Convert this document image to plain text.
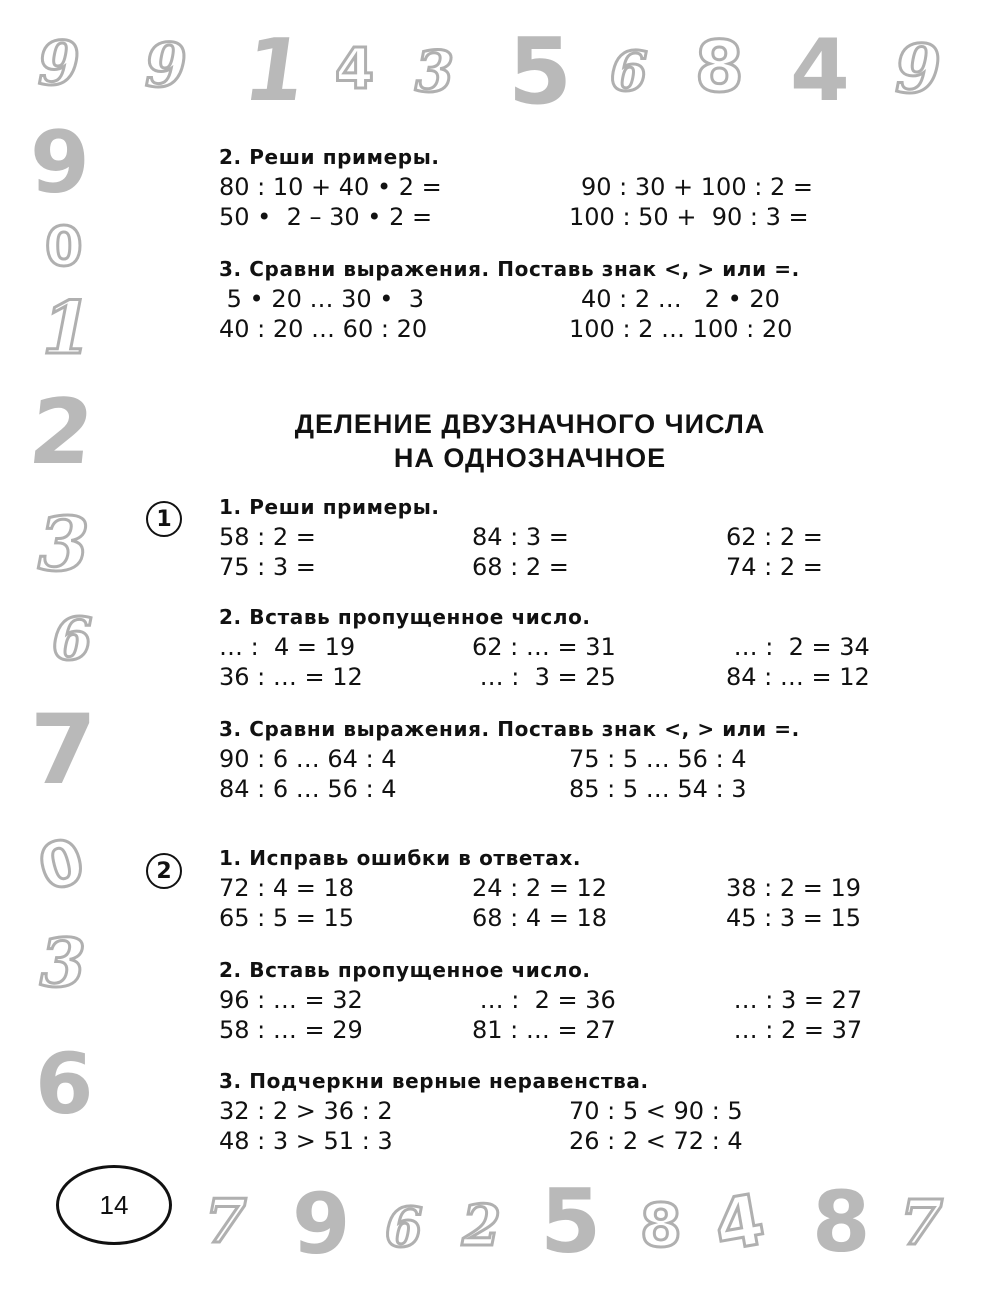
9 9 1 4 3 5 6 8 4 9
9
0
1
2
3
6
7
0
3
6
7 9 6 2 5 8 4 8 7
14
2. Реши примеры.

80 : 10 + 40 • 2 =

	90 : 30 + 100 : 2 =

50 •  2 – 30 • 2 =

	100 : 50 +  90 : 3 =

3. Сравни выражения. Поставь знак <, > или =.

5 • 20 … 30 •  3

	40 : 2 …   2 • 20

40 : 20 … 60 : 20

	100 : 2 … 100 : 20

ДЕЛЕНИЕ ДВУЗНАЧНОГО ЧИСЛА
НА ОДНОЗНАЧНОЕ
1	1. Реши примеры.

58 : 2 =

	84 : 3 =

	62 : 2 =

75 : 3 =

	68 : 2 =

	74 : 2 =

2. Вставь пропущенное число.

… :  4 = 19

	62 : … = 31

	… :  2 = 34

36 : … = 12

	… :  3 = 25

	84 : … = 12

3. Сравни выражения. Поставь знак <, > или =.

90 : 6 … 64 : 4

	75 : 5 … 56 : 4

84 : 6 … 56 : 4

	85 : 5 … 54 : 3

2
1. Исправь ошибки в ответах.

72 : 4 = 18

	24 : 2 = 12

	38 : 2 = 19

65 : 5 = 15

	68 : 4 = 18

	45 : 3 = 15

2. Вставь пропущенное число.

96 : … = 32

	… :  2 = 36

	… : 3 = 27

58 : … = 29

	81 : … = 27

	… : 2 = 37

3. Подчеркни верные неравенства.

32 : 2 > 36 : 2

	70 : 5 < 90 : 5

48 : 3 > 51 : 3

	26 : 2 < 72 : 4
